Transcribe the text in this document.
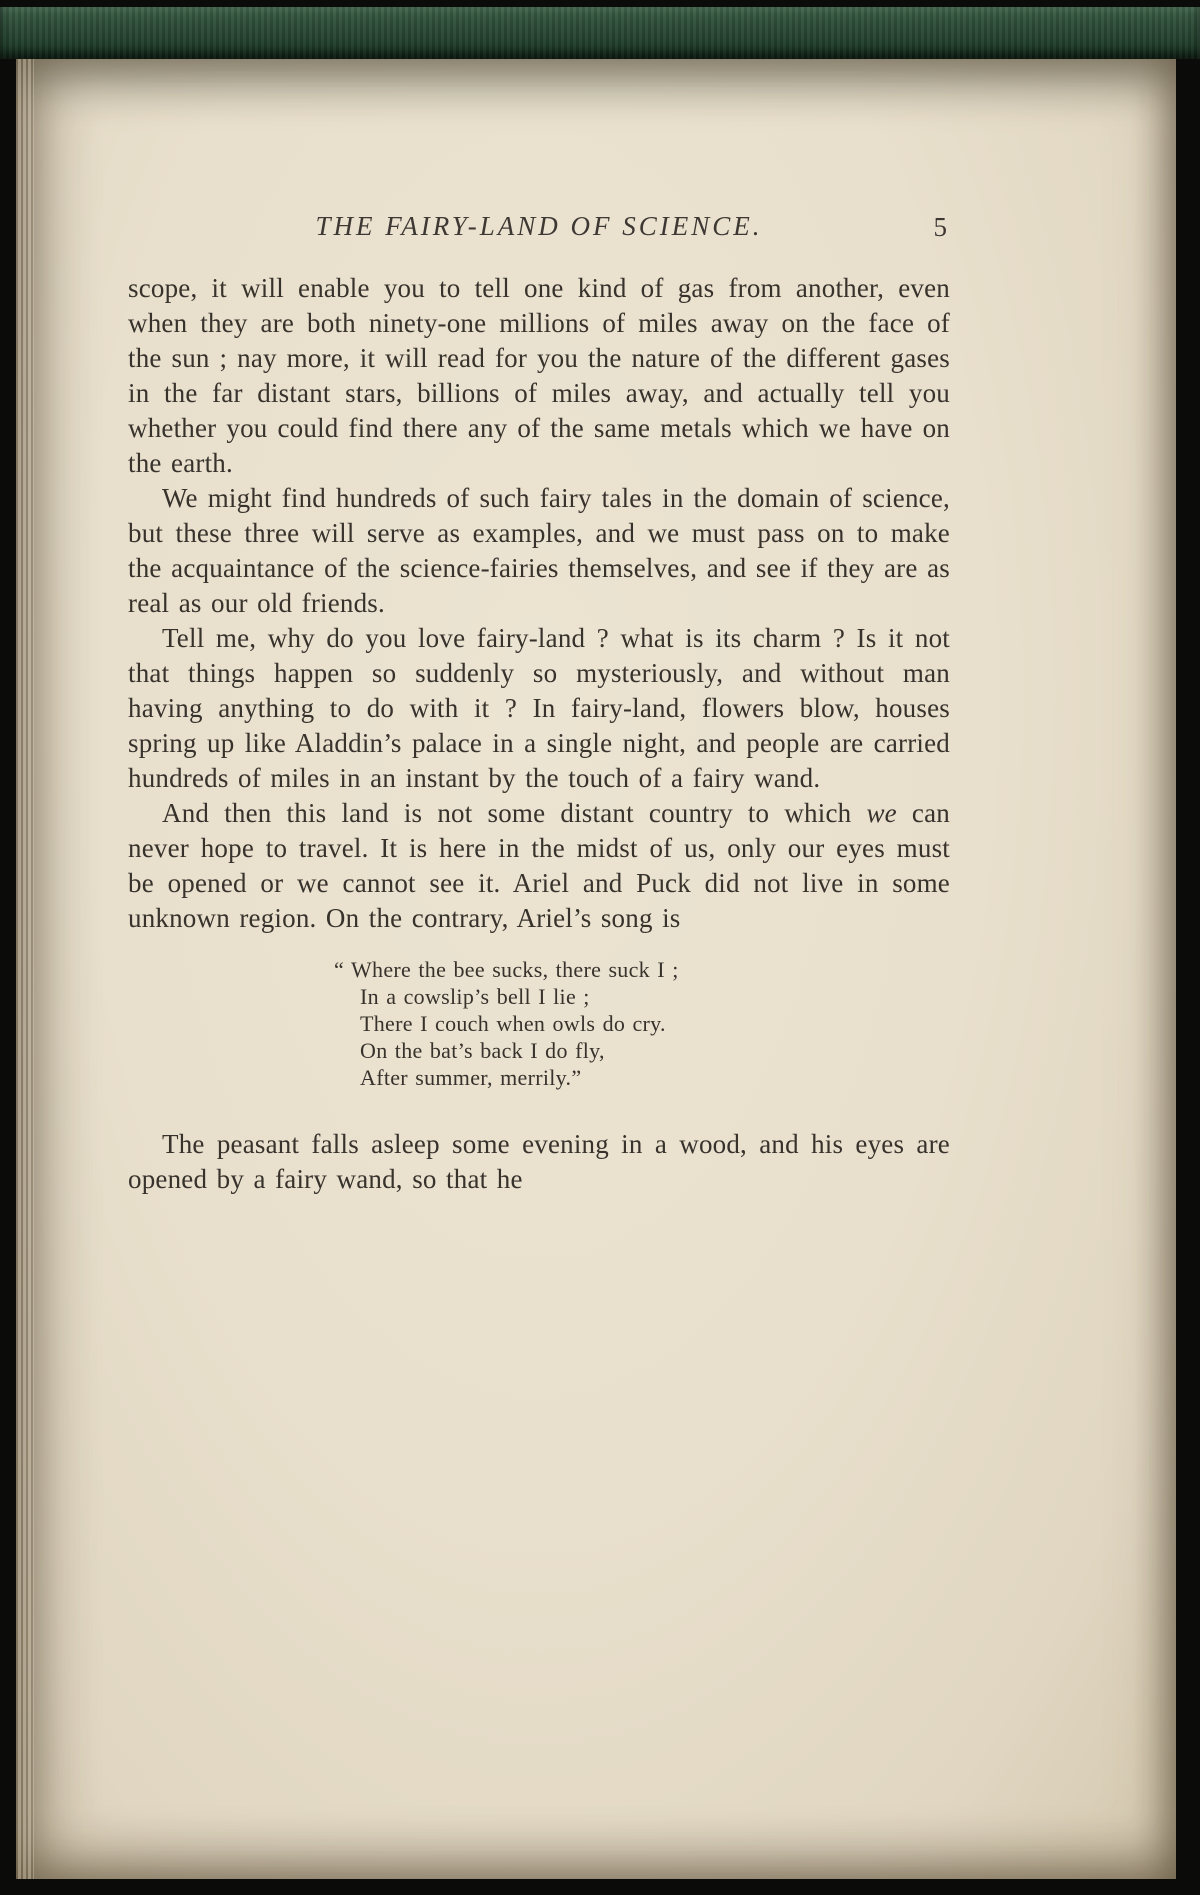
THE FAIRY-LAND OF SCIENCE.	5

scope, it will enable you to tell one kind of gas from another, even when they are both ninety-one millions of miles away on the face of the sun ; nay more, it will read for you the nature of the different gases in the far distant stars, billions of miles away, and actually tell you whether you could find there any of the same metals which we have on the earth.

We might find hundreds of such fairy tales in the domain of science, but these three will serve as examples, and we must pass on to make the acquaintance of the science-fairies themselves, and see if they are as real as our old friends.

Tell me, why do you love fairy-land ? what is its charm ? Is it not that things happen so suddenly so mysteriously, and without man having anything to do with it ? In fairy-land, flowers blow, houses spring up like Aladdin’s palace in a single night, and people are carried hundreds of miles in an instant by the touch of a fairy wand.

And then this land is not some distant country to which we can never hope to travel. It is here in the midst of us, only our eyes must be opened or we cannot see it. Ariel and Puck did not live in some unknown region. On the contrary, Ariel’s song is

“ Where the bee sucks, there suck I ;
In a cowslip’s bell I lie ;
There I couch when owls do cry.
On the bat’s back I do fly,
After summer, merrily.”

The peasant falls asleep some evening in a wood, and his eyes are opened by a fairy wand, so that he
